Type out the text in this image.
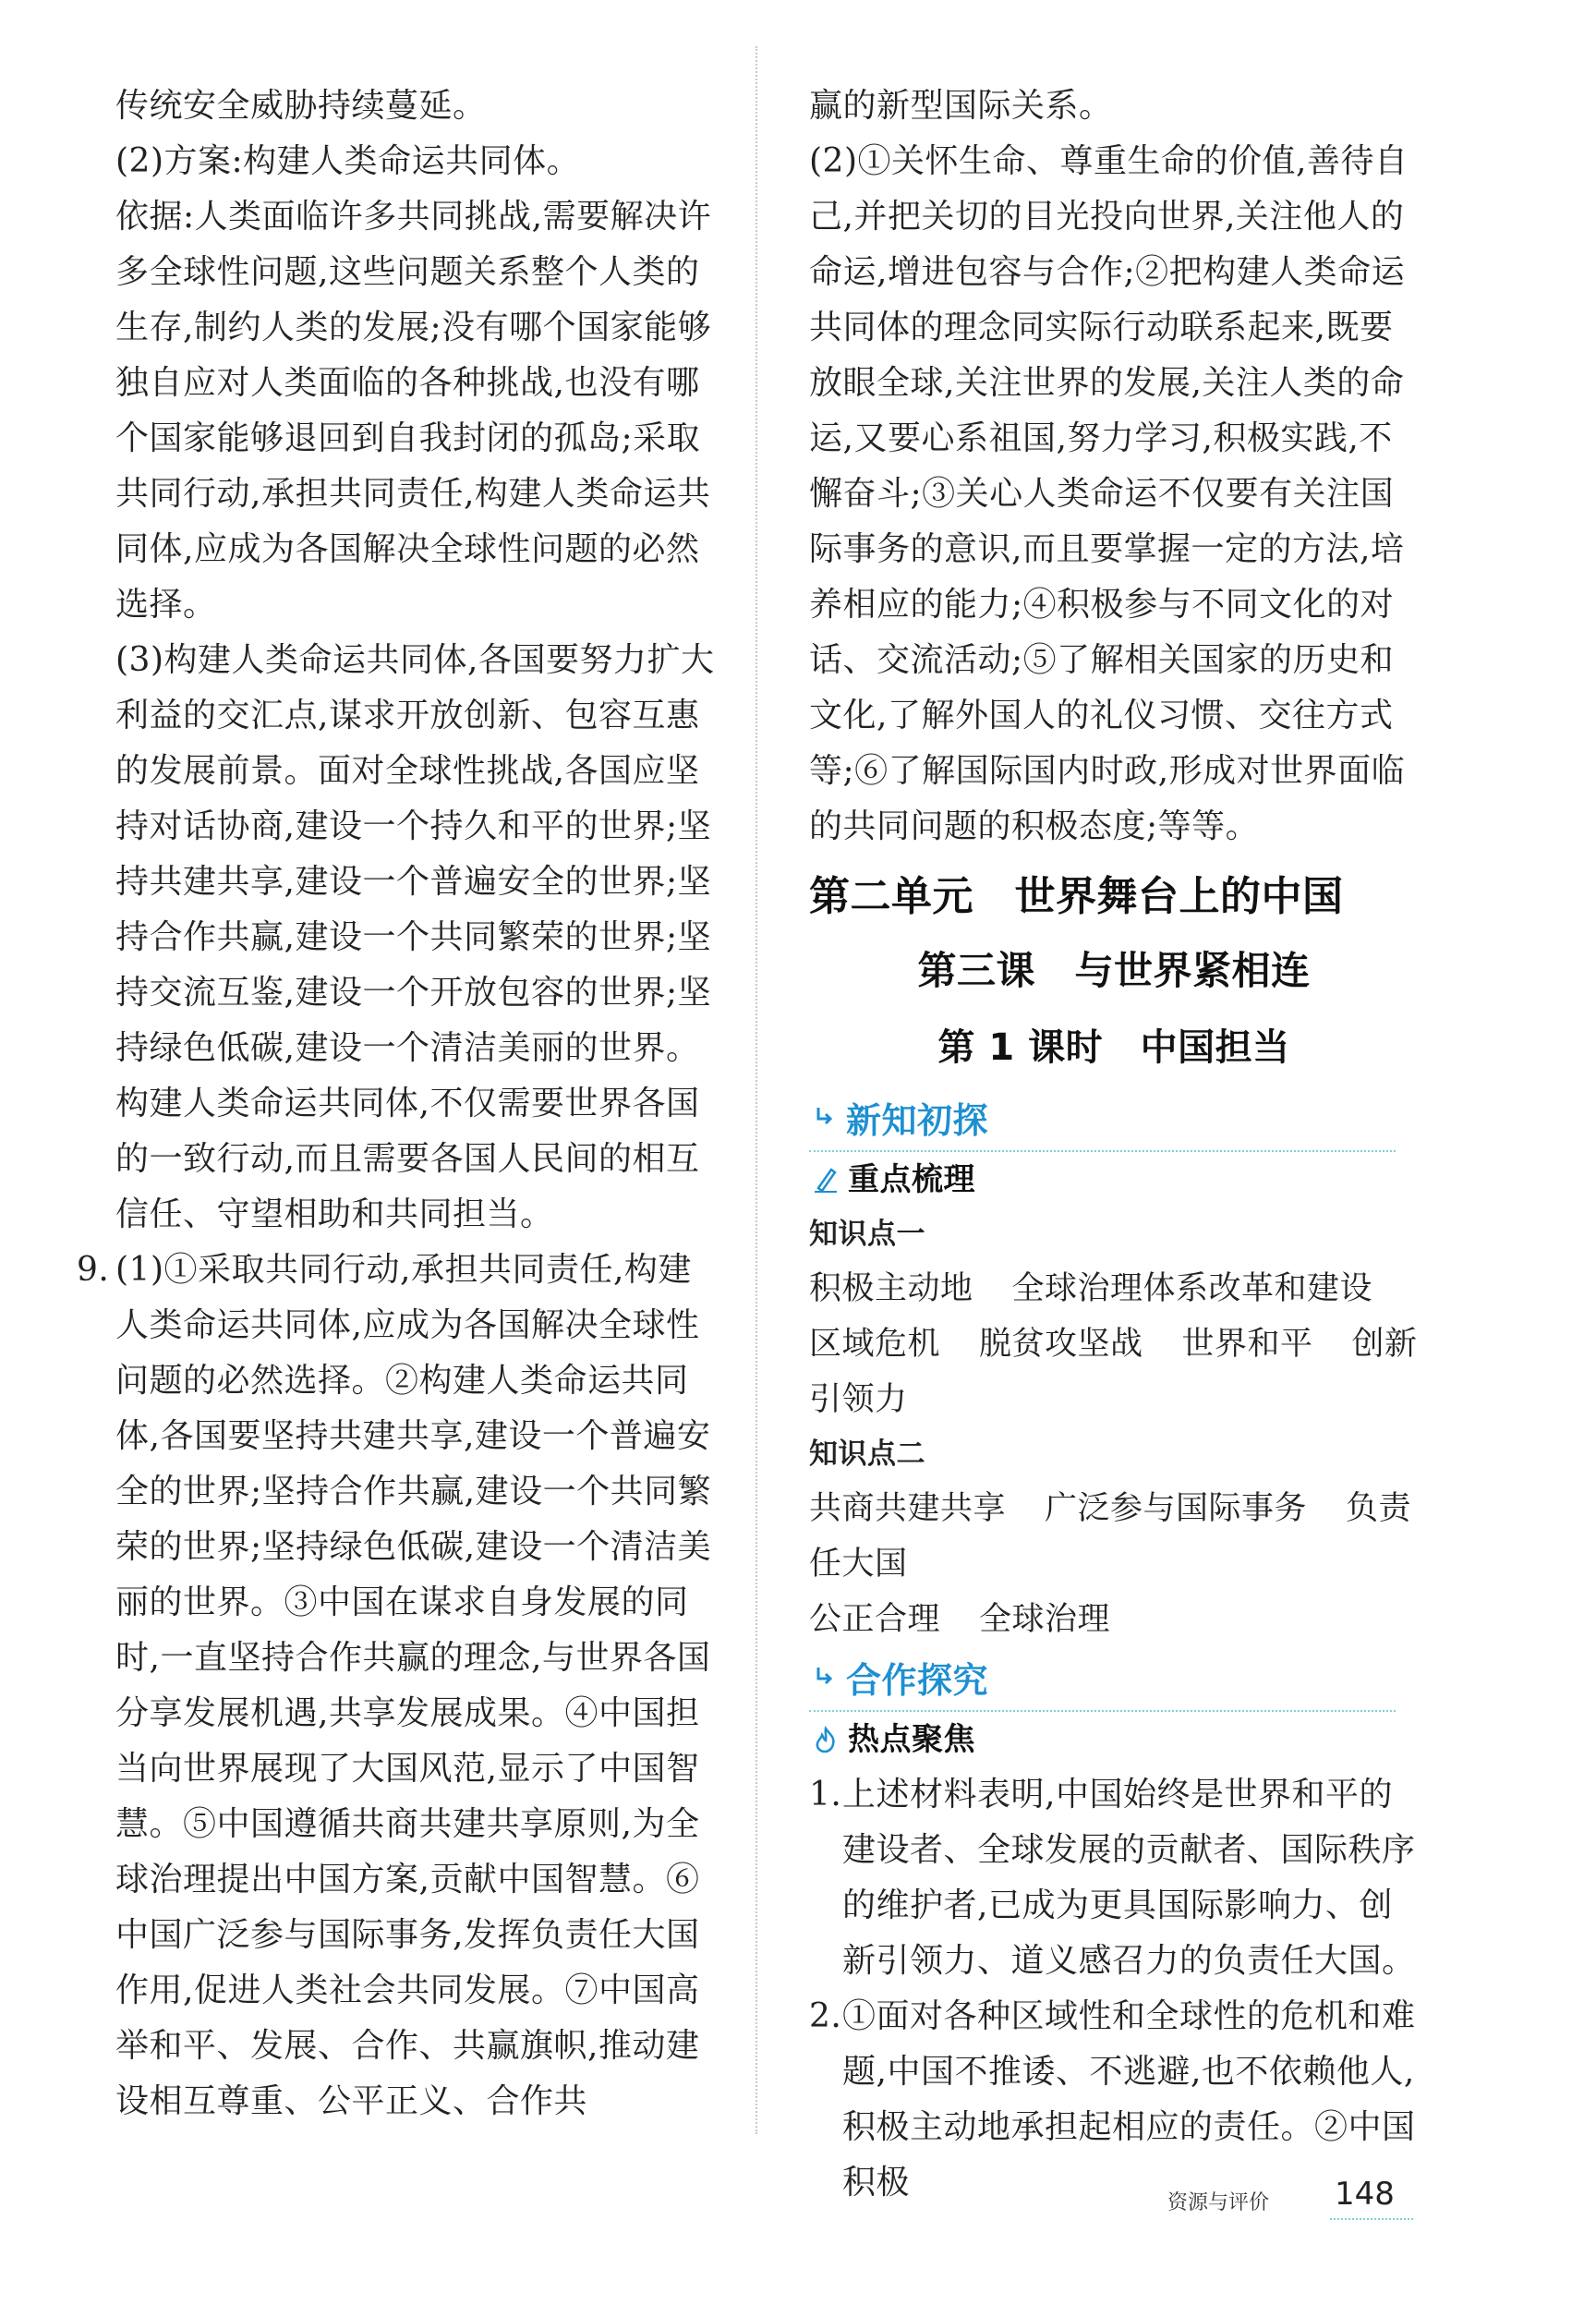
传统安全威胁持续蔓延。

(2)方案:构建人类命运共同体。

依据:人类面临许多共同挑战,需要解决许多全球性问题,这些问题关系整个人类的生存,制约人类的发展;没有哪个国家能够独自应对人类面临的各种挑战,也没有哪个国家能够退回到自我封闭的孤岛;采取共同行动,承担共同责任,构建人类命运共同体,应成为各国解决全球性问题的必然选择。

(3)构建人类命运共同体,各国要努力扩大利益的交汇点,谋求开放创新、包容互惠的发展前景。面对全球性挑战,各国应坚持对话协商,建设一个持久和平的世界;坚持共建共享,建设一个普遍安全的世界;坚持合作共赢,建设一个共同繁荣的世界;坚持交流互鉴,建设一个开放包容的世界;坚持绿色低碳,建设一个清洁美丽的世界。构建人类命运共同体,不仅需要世界各国的一致行动,而且需要各国人民间的相互信任、守望相助和共同担当。

9. (1)①采取共同行动,承担共同责任,构建人类命运共同体,应成为各国解决全球性问题的必然选择。②构建人类命运共同体,各国要坚持共建共享,建设一个普遍安全的世界;坚持合作共赢,建设一个共同繁荣的世界;坚持绿色低碳,建设一个清洁美丽的世界。③中国在谋求自身发展的同时,一直坚持合作共赢的理念,与世界各国分享发展机遇,共享发展成果。④中国担当向世界展现了大国风范,显示了中国智慧。⑤中国遵循共商共建共享原则,为全球治理提出中国方案,贡献中国智慧。⑥中国广泛参与国际事务,发挥负责任大国作用,促进人类社会共同发展。⑦中国高举和平、发展、合作、共赢旗帜,推动建设相互尊重、公平正义、合作共

赢的新型国际关系。

(2)①关怀生命、尊重生命的价值,善待自己,并把关切的目光投向世界,关注他人的命运,增进包容与合作;②把构建人类命运共同体的理念同实际行动联系起来,既要放眼全球,关注世界的发展,关注人类的命运,又要心系祖国,努力学习,积极实践,不懈奋斗;③关心人类命运不仅要有关注国际事务的意识,而且要掌握一定的方法,培养相应的能力;④积极参与不同文化的对话、交流活动;⑤了解相关国家的历史和文化,了解外国人的礼仪习惯、交往方式等;⑥了解国际国内时政,形成对世界面临的共同问题的积极态度;等等。

第二单元　世界舞台上的中国
第三课　与世界紧相连
第 1 课时　中国担当
新知初探
重点梳理
知识点一
积极主动地 全球治理体系改革和建设
区域危机 脱贫攻坚战 世界和平 创新引领力
知识点二
共商共建共享 广泛参与国际事务 负责任大国
公正合理 全球治理
合作探究
热点聚焦
1. 上述材料表明,中国始终是世界和平的建设者、全球发展的贡献者、国际秩序的维护者,已成为更具国际影响力、创新引领力、道义感召力的负责任大国。

2. ①面对各种区域性和全球性的危机和难题,中国不推诿、不逃避,也不依赖他人,积极主动地承担起相应的责任。②中国积极

资源与评价 148
